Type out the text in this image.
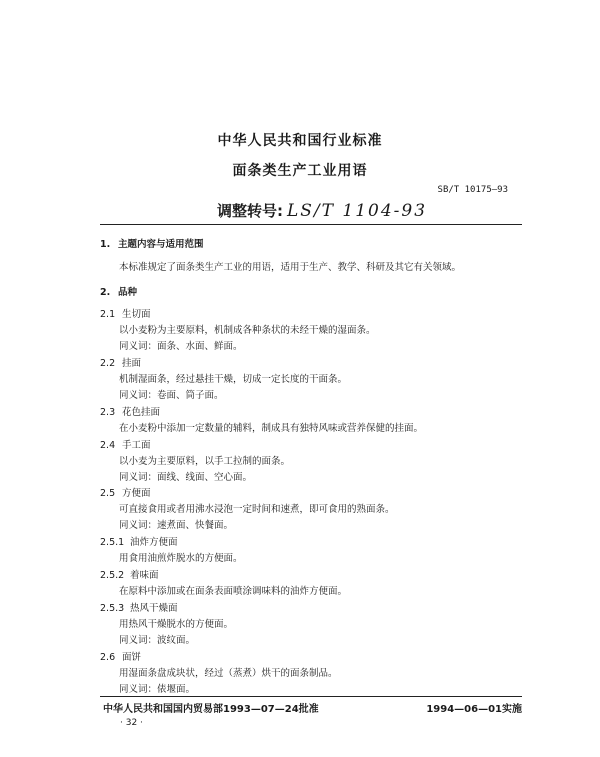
中华人民共和国行业标准
面条类生产工业用语
SB/T 10175—93
调整转号: LS/T 1104-93
1. 主题内容与适用范围
本标准规定了面条类生产工业的用语，适用于生产、教学、科研及其它有关领域。
2. 品种
2.1 生切面
以小麦粉为主要原料，机制成各种条状的未经干燥的湿面条。
同义词：面条、水面、鲜面。
2.2 挂面
机制湿面条，经过悬挂干燥，切成一定长度的干面条。
同义词：卷面、筒子面。
2.3 花色挂面
在小麦粉中添加一定数量的辅料，制成具有独特风味或营养保健的挂面。
2.4 手工面
以小麦为主要原料，以手工拉制的面条。
同义词：面线、线面、空心面。
2.5 方便面
可直接食用或者用沸水浸泡一定时间和速煮，即可食用的熟面条。
同义词：速煮面、快餐面。
2.5.1 油炸方便面
用食用油煎炸脱水的方便面。
2.5.2 着味面
在原料中添加或在面条表面喷涂调味料的油炸方便面。
2.5.3 热风干燥面
用热风干燥脱水的方便面。
同义词：波纹面。
2.6 面饼
用湿面条盘成块状，经过（蒸煮）烘干的面条制品。
同义词：俵堰面。
中华人民共和国国内贸易部1993—07—24批准	1994—06—01实施
· 32 ·
